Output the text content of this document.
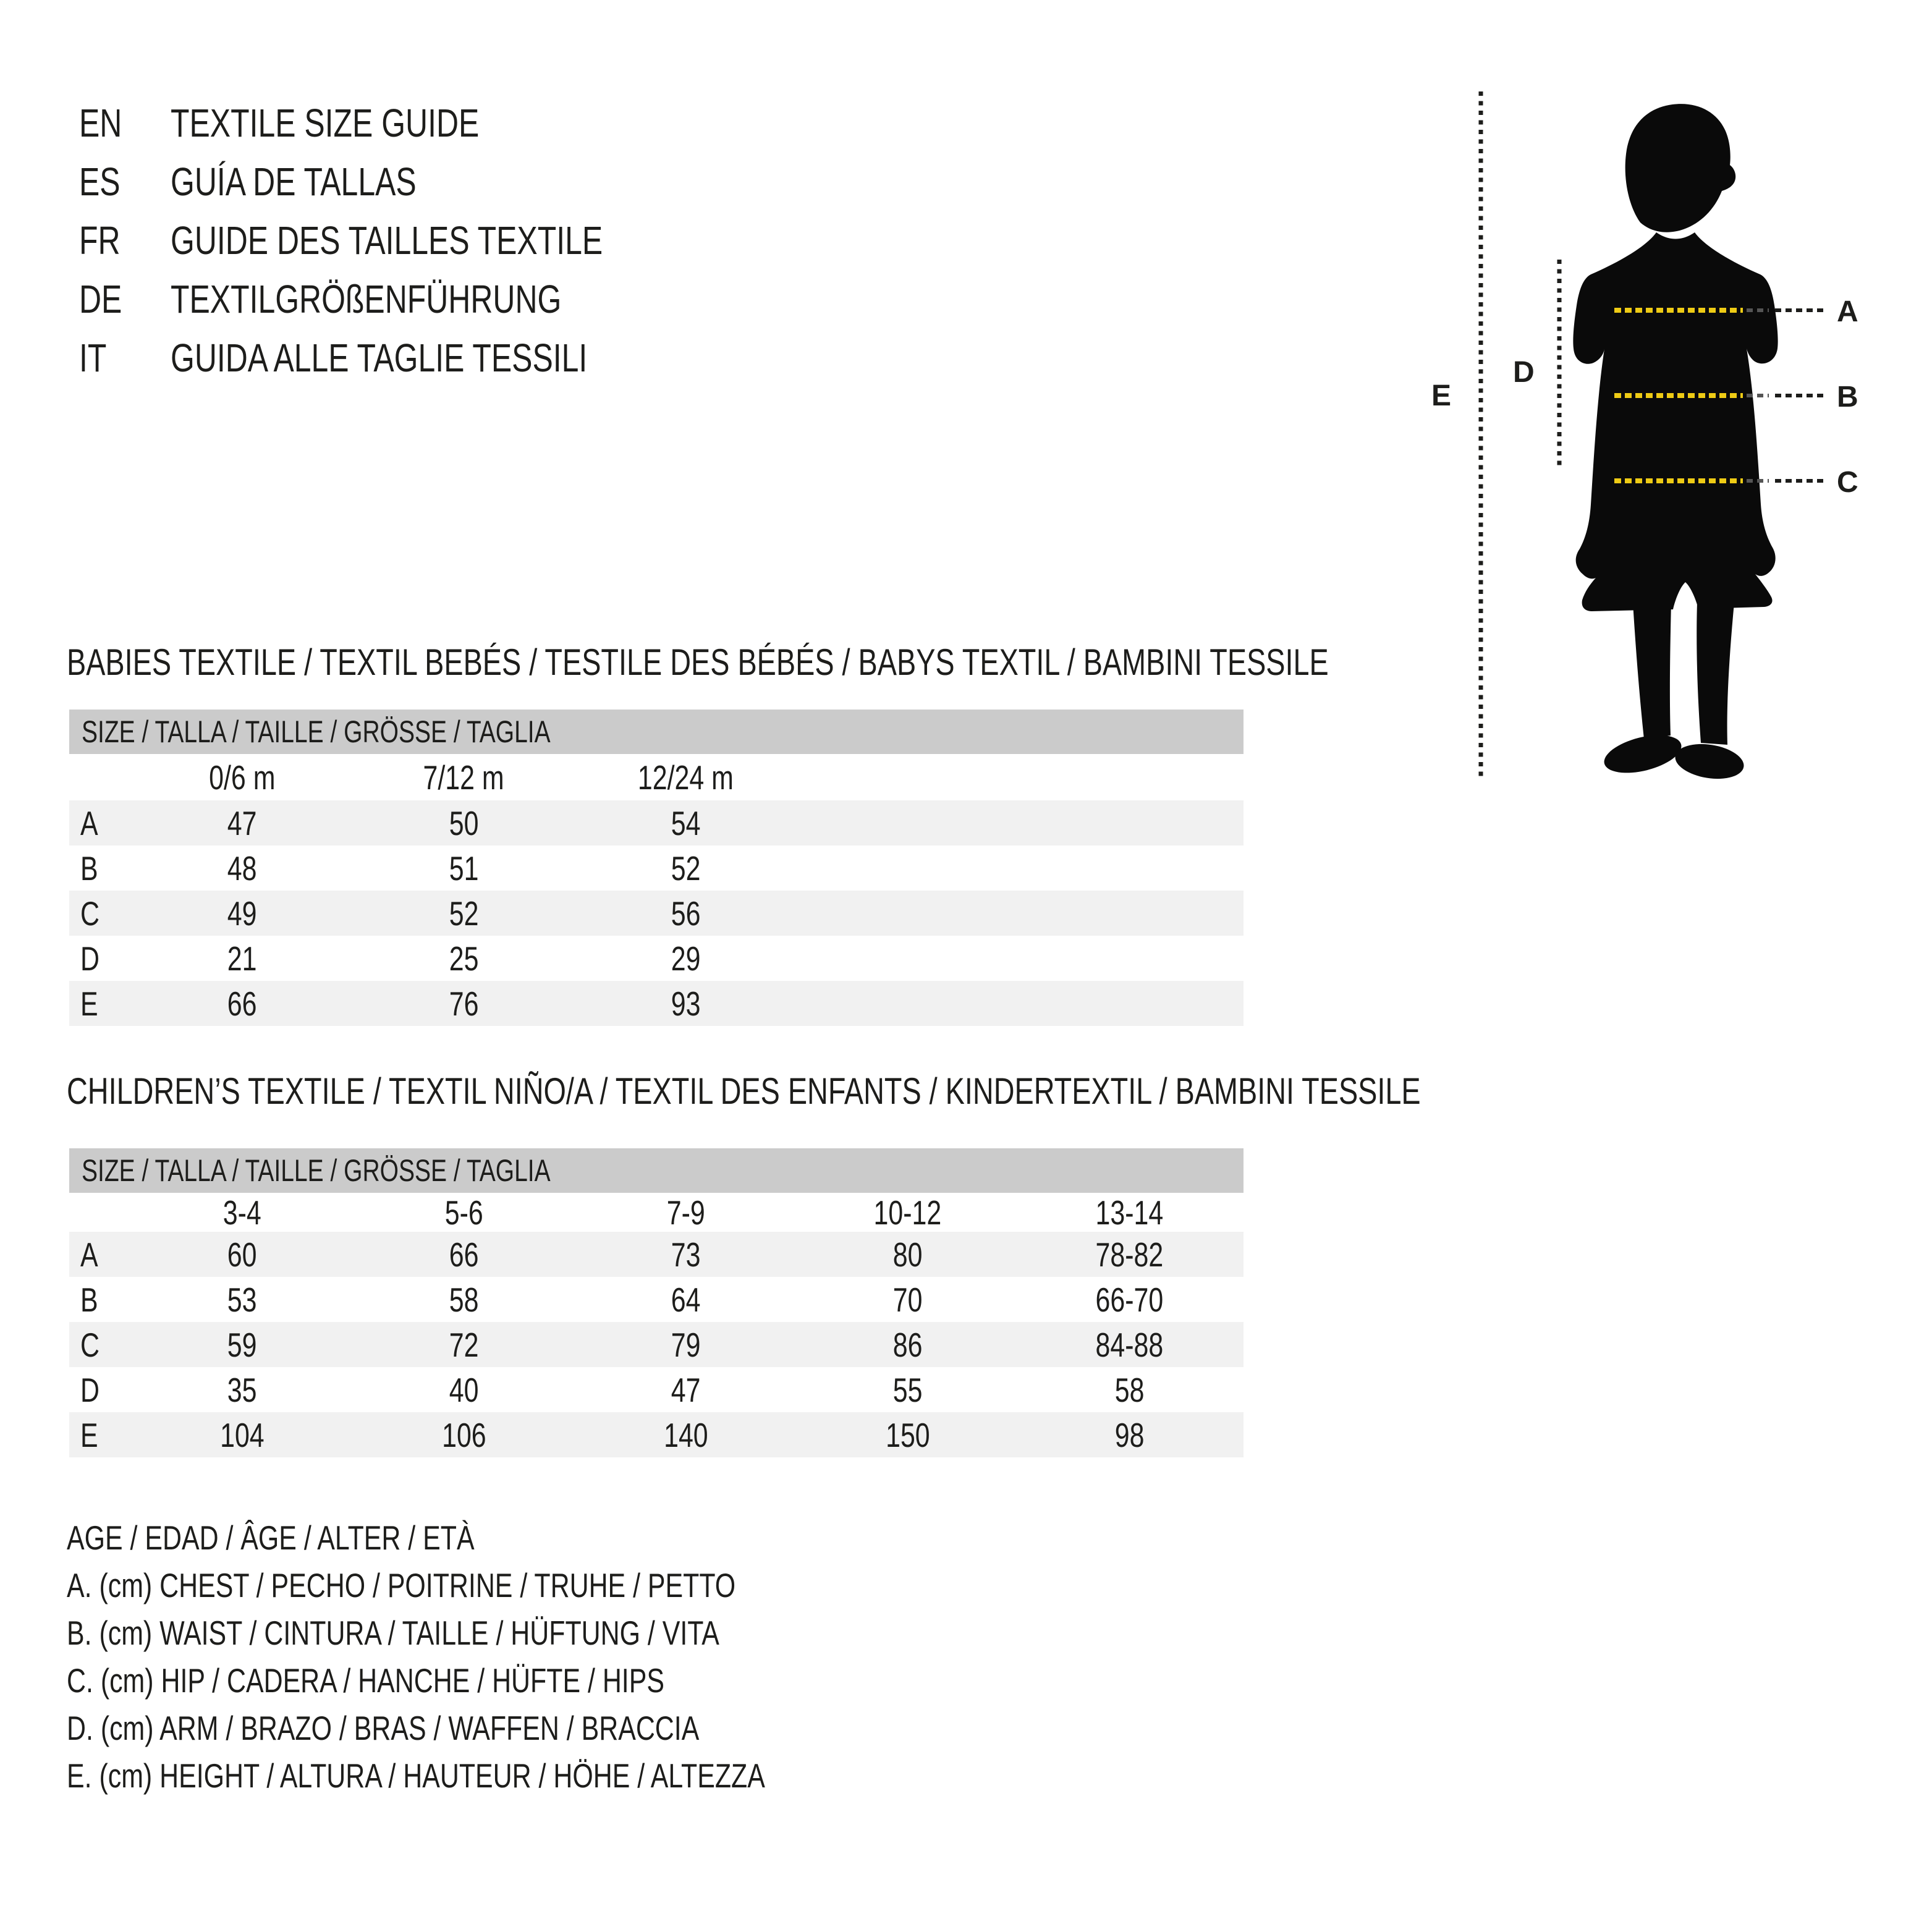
EN	TEXTILE SIZE GUIDE
ES GUÍA DE TALLAS
FR GUIDE DES TAILLES TEXTILE
DE	TEXTILGRÖßENFÜHRUNG
IT GUIDA ALLE TAGLIE TESSILI
A
B
C
D
E
BABIES TEXTILE / TEXTIL BEBÉS / TESTILE DES BÉBÉS / BABYS TEXTIL / BAMBINI TESSILE
SIZE / TALLA / TAILLE / GRÖSSE / TAGLIA
0/6 m	7/12 m	12/24 m
A	47	50	54
B	48	51	52
C	49	52	56
D	21	25	29
E	66	76	93
CHILDREN’S TEXTILE / TEXTIL NIÑO/A / TEXTIL DES ENFANTS / KINDERTEXTIL / BAMBINI TESSILE
SIZE / TALLA / TAILLE / GRÖSSE / TAGLIA
3-4	5-6	7-9	10-12	13-14
A	60	66	73	80	78-82
B	53	58	64	70	66-70
C	59	72	79	86	84-88
D	35	40	47	55	58
E	104	106	140	150	98
AGE / EDAD / ÂGE / ALTER / ETÀ
A. (cm) CHEST / PECHO / POITRINE / TRUHE / PETTO
B. (cm) WAIST / CINTURA / TAILLE / HÜFTUNG / VITA
C. (cm) HIP / CADERA / HANCHE / HÜFTE / HIPS
D. (cm) ARM / BRAZO / BRAS / WAFFEN / BRACCIA
E. (cm) HEIGHT / ALTURA / HAUTEUR / HÖHE / ALTEZZA
